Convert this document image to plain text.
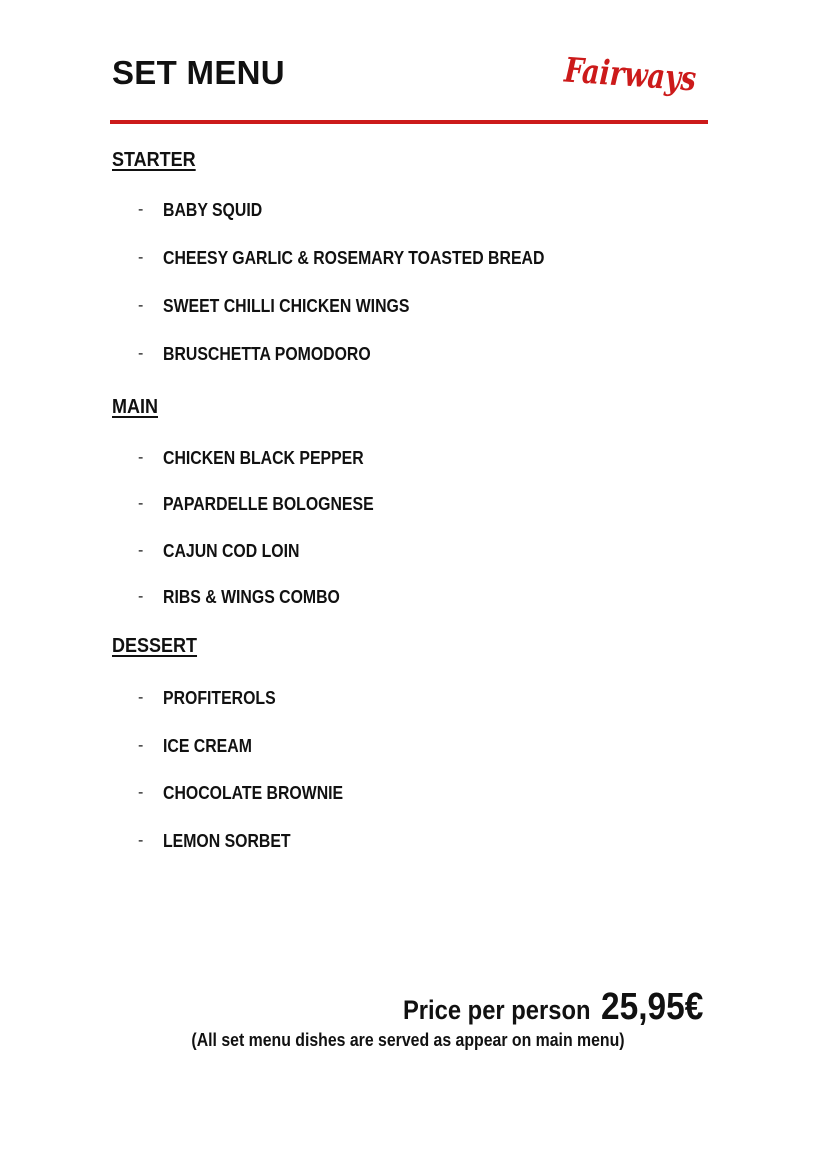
SET MENU	Fairways
STARTER
-	BABY SQUID
-	CHEESY GARLIC & ROSEMARY TOASTED BREAD
-	SWEET CHILLI CHICKEN WINGS
-	BRUSCHETTA POMODORO
MAIN
-	CHICKEN BLACK PEPPER
-	PAPARDELLE BOLOGNESE
-	CAJUN COD LOIN
-	RIBS & WINGS COMBO
DESSERT
-	PROFITEROLS
-	ICE CREAM
-	CHOCOLATE BROWNIE
-	LEMON SORBET
Price per person 25,95€
(All set menu dishes are served as appear on main menu)
